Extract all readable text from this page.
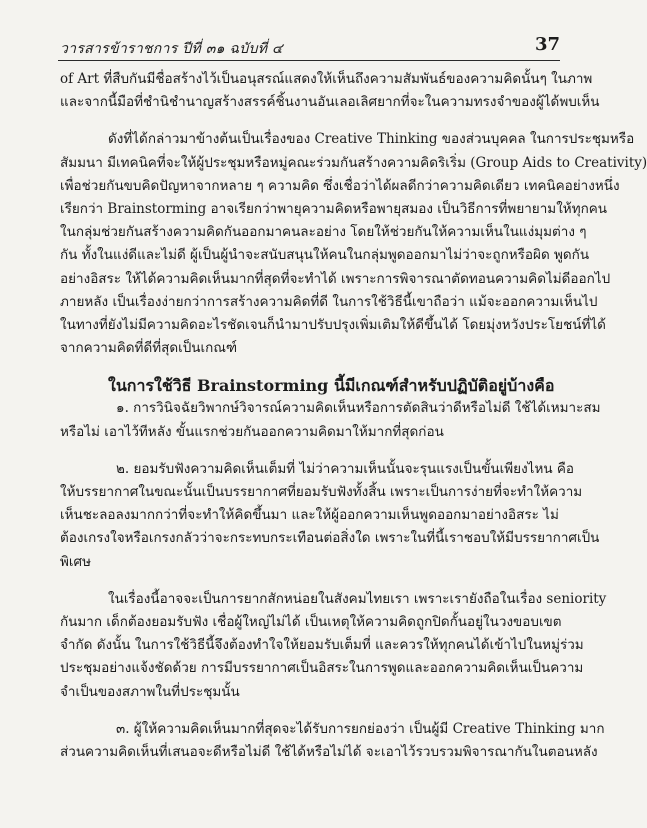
วารสารข้าราชการ ปีที่ ๓๑ ฉบับที่ ๔	37
of Art ที่สืบกันมีชื่อสร้างไว้เป็นอนุสรณ์แสดงให้เห็นถึงความสัมพันธ์ของความคิดนั้นๆ ในภาพ
และจากนี้มือที่ชำนิชำนาญสร้างสรรค์ชิ้นงานอันเลอเลิศยากที่จะในความทรงจำของผู้ได้พบเห็น
ดังที่ได้กล่าวมาข้างต้นเป็นเรื่องของ Creative Thinking ของส่วนบุคคล ในการประชุมหรือ
สัมมนา มีเทคนิคที่จะให้ผู้ประชุมหรือหมู่คณะร่วมกันสร้างความคิดริเริ่ม (Group Aids to Creativity)
เพื่อช่วยกันขบคิดปัญหาจากหลาย ๆ ความคิด ซึ่งเชื่อว่าได้ผลดีกว่าความคิดเดียว เทคนิคอย่างหนึ่ง
เรียกว่า Brainstorming อาจเรียกว่าพายุความคิดหรือพายุสมอง เป็นวิธีการที่พยายามให้ทุกคน
ในกลุ่มช่วยกันสร้างความคิดกันออกมาคนละอย่าง โดยให้ช่วยกันให้ความเห็นในแง่มุมต่าง ๆ
กัน ทั้งในแง่ดีและไม่ดี ผู้เป็นผู้นำจะสนับสนุนให้คนในกลุ่มพูดออกมาไม่ว่าจะถูกหรือผิด พูดกัน
อย่างอิสระ ให้ได้ความคิดเห็นมากที่สุดที่จะทำได้ เพราะการพิจารณาตัดทอนความคิดไม่ดีออกไป
ภายหลัง เป็นเรื่องง่ายกว่าการสร้างความคิดที่ดี ในการใช้วิธีนี้เขาถือว่า แม้จะออกความเห็นไป
ในทางที่ยังไม่มีความคิดอะไรชัดเจนก็นำมาปรับปรุงเพิ่มเติมให้ดีขึ้นได้ โดยมุ่งหวังประโยชน์ที่ได้
จากความคิดที่ดีที่สุดเป็นเกณฑ์
ในการใช้วิธี Brainstorming นี้มีเกณฑ์สำหรับปฏิบัติอยู่บ้างคือ
๑. การวินิจฉัยวิพากษ์วิจารณ์ความคิดเห็นหรือการตัดสินว่าดีหรือไม่ดี ใช้ได้เหมาะสม
หรือไม่ เอาไว้ทีหลัง ขั้นแรกช่วยกันออกความคิดมาให้มากที่สุดก่อน
๒. ยอมรับฟังความคิดเห็นเต็มที่ ไม่ว่าความเห็นนั้นจะรุนแรงเป็นขั้นเพียงไหน คือ
ให้บรรยากาศในขณะนั้นเป็นบรรยากาศที่ยอมรับฟังทั้งสิ้น เพราะเป็นการง่ายที่จะทำให้ความ
เห็นชะลอลงมากกว่าที่จะทำให้คิดขึ้นมา และให้ผู้ออกความเห็นพูดออกมาอย่างอิสระ ไม่
ต้องเกรงใจหรือเกรงกลัวว่าจะกระทบกระเทือนต่อสิ่งใด เพราะในที่นี้เราชอบให้มีบรรยากาศเป็น
พิเศษ
ในเรื่องนี้อาจจะเป็นการยากสักหน่อยในสังคมไทยเรา เพราะเรายังถือในเรื่อง seniority
กันมาก เด็กต้องยอมรับฟัง เชื่อผู้ใหญ่ไม่ได้ เป็นเหตุให้ความคิดถูกปิดกั้นอยู่ในวงขอบเขต
จำกัด ดังนั้น ในการใช้วิธีนี้จึงต้องทำใจให้ยอมรับเต็มที่ และควรให้ทุกคนได้เข้าไปในหมู่ร่วม
ประชุมอย่างแจ้งชัดด้วย การมีบรรยากาศเป็นอิสระในการพูดและออกความคิดเห็นเป็นความ
จำเป็นของสภาพในที่ประชุมนั้น
๓. ผู้ให้ความคิดเห็นมากที่สุดจะได้รับการยกย่องว่า เป็นผู้มี Creative Thinking มาก
ส่วนความคิดเห็นที่เสนอจะดีหรือไม่ดี ใช้ได้หรือไม่ได้ จะเอาไว้รวบรวมพิจารณากันในตอนหลัง
